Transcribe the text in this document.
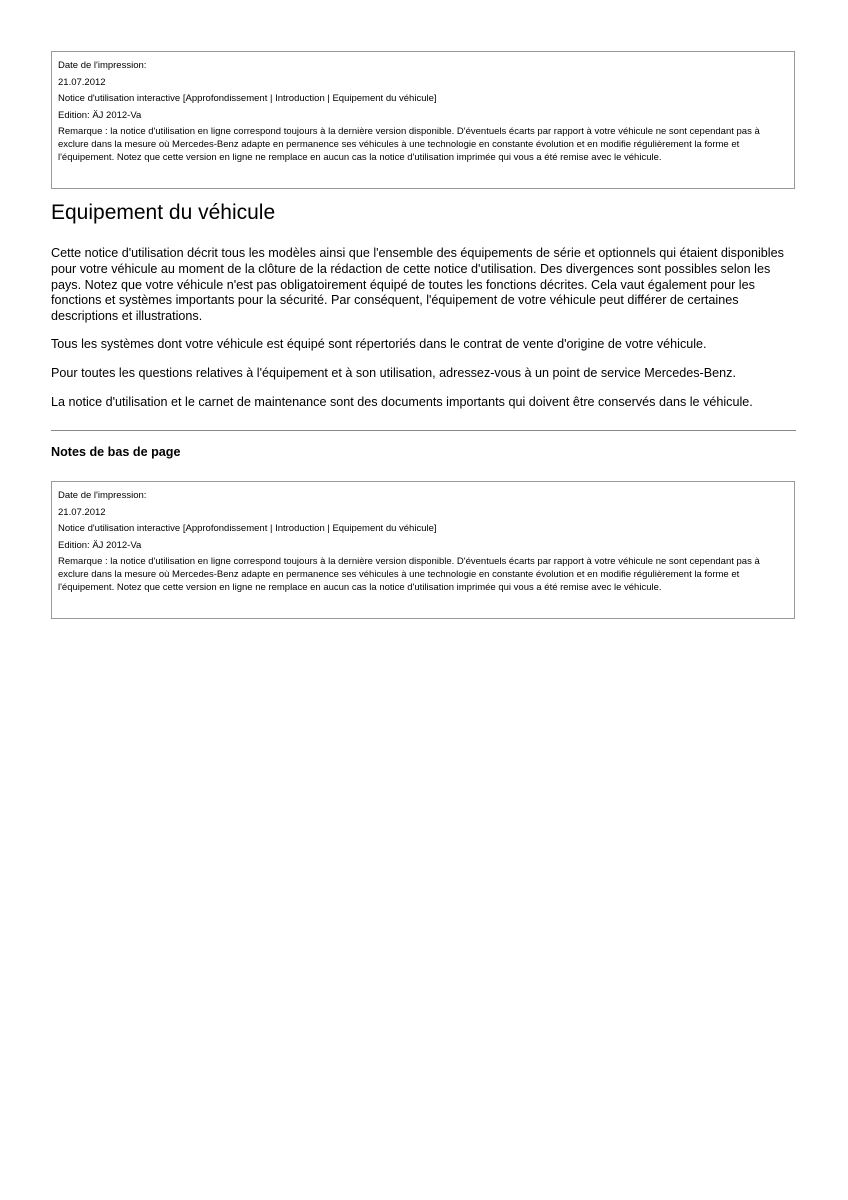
Date de l'impression:
21.07.2012
Notice d'utilisation interactive [Approfondissement | Introduction | Equipement du véhicule]
Edition: ÄJ 2012-Va
Remarque : la notice d'utilisation en ligne correspond toujours à la dernière version disponible. D'éventuels écarts par rapport à votre véhicule ne sont cependant pas à exclure dans la mesure où Mercedes-Benz adapte en permanence ses véhicules à une technologie en constante évolution et en modifie régulièrement la forme et l'équipement. Notez que cette version en ligne ne remplace en aucun cas la notice d'utilisation imprimée qui vous a été remise avec le véhicule.
Equipement du véhicule

Cette notice d'utilisation décrit tous les modèles ainsi que l'ensemble des équipements de série et optionnels qui étaient disponibles pour votre véhicule au moment de la clôture de la rédaction de cette notice d'utilisation. Des divergences sont possibles selon les pays. Notez que votre véhicule n'est pas obligatoirement équipé de toutes les fonctions décrites. Cela vaut également pour les fonctions et systèmes importants pour la sécurité. Par conséquent, l'équipement de votre véhicule peut différer de certaines descriptions et illustrations.

Tous les systèmes dont votre véhicule est équipé sont répertoriés dans le contrat de vente d'origine de votre véhicule.

Pour toutes les questions relatives à l'équipement et à son utilisation, adressez-vous à un point de service Mercedes-Benz.

La notice d'utilisation et le carnet de maintenance sont des documents importants qui doivent être conservés dans le véhicule.

Notes de bas de page
Date de l'impression:
21.07.2012
Notice d'utilisation interactive [Approfondissement | Introduction | Equipement du véhicule]
Edition: ÄJ 2012-Va
Remarque : la notice d'utilisation en ligne correspond toujours à la dernière version disponible. D'éventuels écarts par rapport à votre véhicule ne sont cependant pas à exclure dans la mesure où Mercedes-Benz adapte en permanence ses véhicules à une technologie en constante évolution et en modifie régulièrement la forme et l'équipement. Notez que cette version en ligne ne remplace en aucun cas la notice d'utilisation imprimée qui vous a été remise avec le véhicule.
